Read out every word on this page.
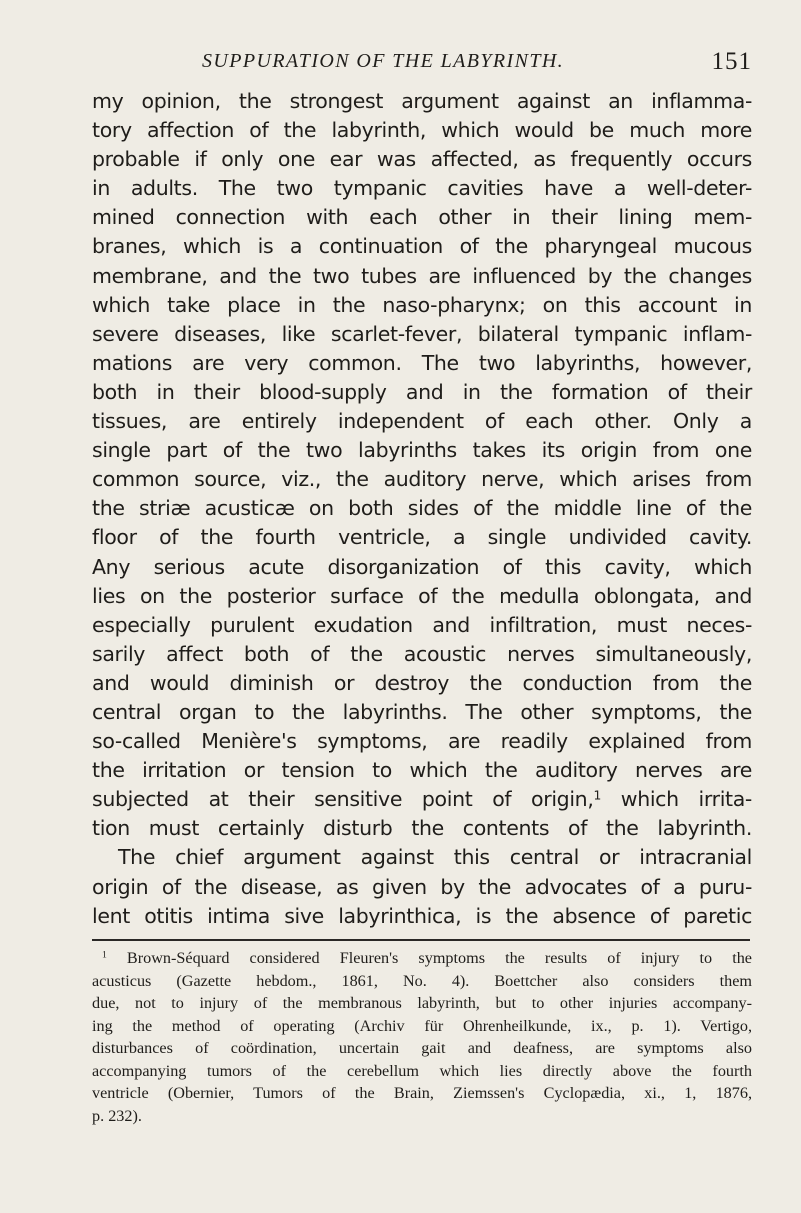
SUPPURATION OF THE LABYRINTH.	151
my opinion, the strongest argument against an inflamma-
tory affection of the labyrinth, which would be much more
probable if only one ear was affected, as frequently occurs
in adults. The two tympanic cavities have a well-deter-
mined connection with each other in their lining mem-
branes, which is a continuation of the pharyngeal mucous
membrane, and the two tubes are influenced by the changes
which take place in the naso-pharynx; on this account in
severe diseases, like scarlet-fever, bilateral tympanic inflam-
mations are very common. The two labyrinths, however,
both in their blood-supply and in the formation of their
tissues, are entirely independent of each other. Only a
single part of the two labyrinths takes its origin from one
common source, viz., the auditory nerve, which arises from
the striæ acusticæ on both sides of the middle line of the
floor of the fourth ventricle, a single undivided cavity.
Any serious acute disorganization of this cavity, which
lies on the posterior surface of the medulla oblongata, and
especially purulent exudation and infiltration, must neces-
sarily affect both of the acoustic nerves simultaneously,
and would diminish or destroy the conduction from the
central organ to the labyrinths. The other symptoms, the
so-called Menière's symptoms, are readily explained from
the irritation or tension to which the auditory nerves are
subjected at their sensitive point of origin,$^1$ which irrita-
tion must certainly disturb the contents of the labyrinth.
The chief argument against this central or intracranial
origin of the disease, as given by the advocates of a puru-
lent otitis intima sive labyrinthica, is the absence of paretic
$^1$ Brown-Séquard considered Fleuren's symptoms the results of injury to the
acusticus (Gazette hebdom., 1861, No. 4). Boettcher also considers them
due, not to injury of the membranous labyrinth, but to other injuries accompany-
ing the method of operating (Archiv für Ohrenheilkunde, ix., p. 1). Vertigo,
disturbances of coördination, uncertain gait and deafness, are symptoms also
accompanying tumors of the cerebellum which lies directly above the fourth
ventricle (Obernier, Tumors of the Brain, Ziemssen's Cyclopædia, xi., 1, 1876,
p. 232).
